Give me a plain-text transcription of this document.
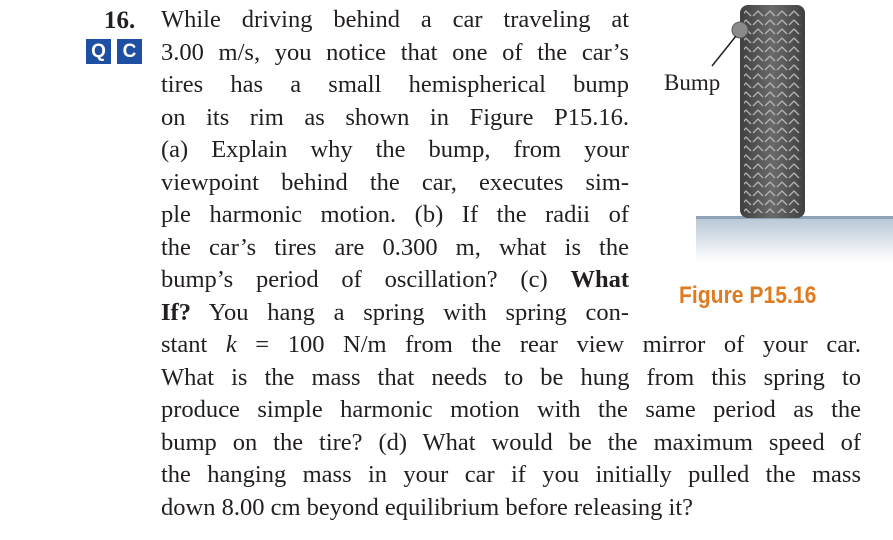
16.
Q C
While driving behind a car traveling at
3.00 m/s, you notice that one of the car’s
tires has a small hemispherical bump
on its rim as shown in Figure P15.16.
(a) Explain why the bump, from your
viewpoint behind the car, executes sim-
ple harmonic motion. (b) If the radii of
the car’s tires are 0.300 m, what is the
bump’s period of oscillation? (c) What
If? You hang a spring with spring con-
stant k = 100 N/m from the rear view mirror of your car.
What is the mass that needs to be hung from this spring to
produce simple harmonic motion with the same period as the
bump on the tire? (d) What would be the maximum speed of
the hanging mass in your car if you initially pulled the mass
down 8.00 cm beyond equilibrium before releasing it?
Bump
Figure P15.16
